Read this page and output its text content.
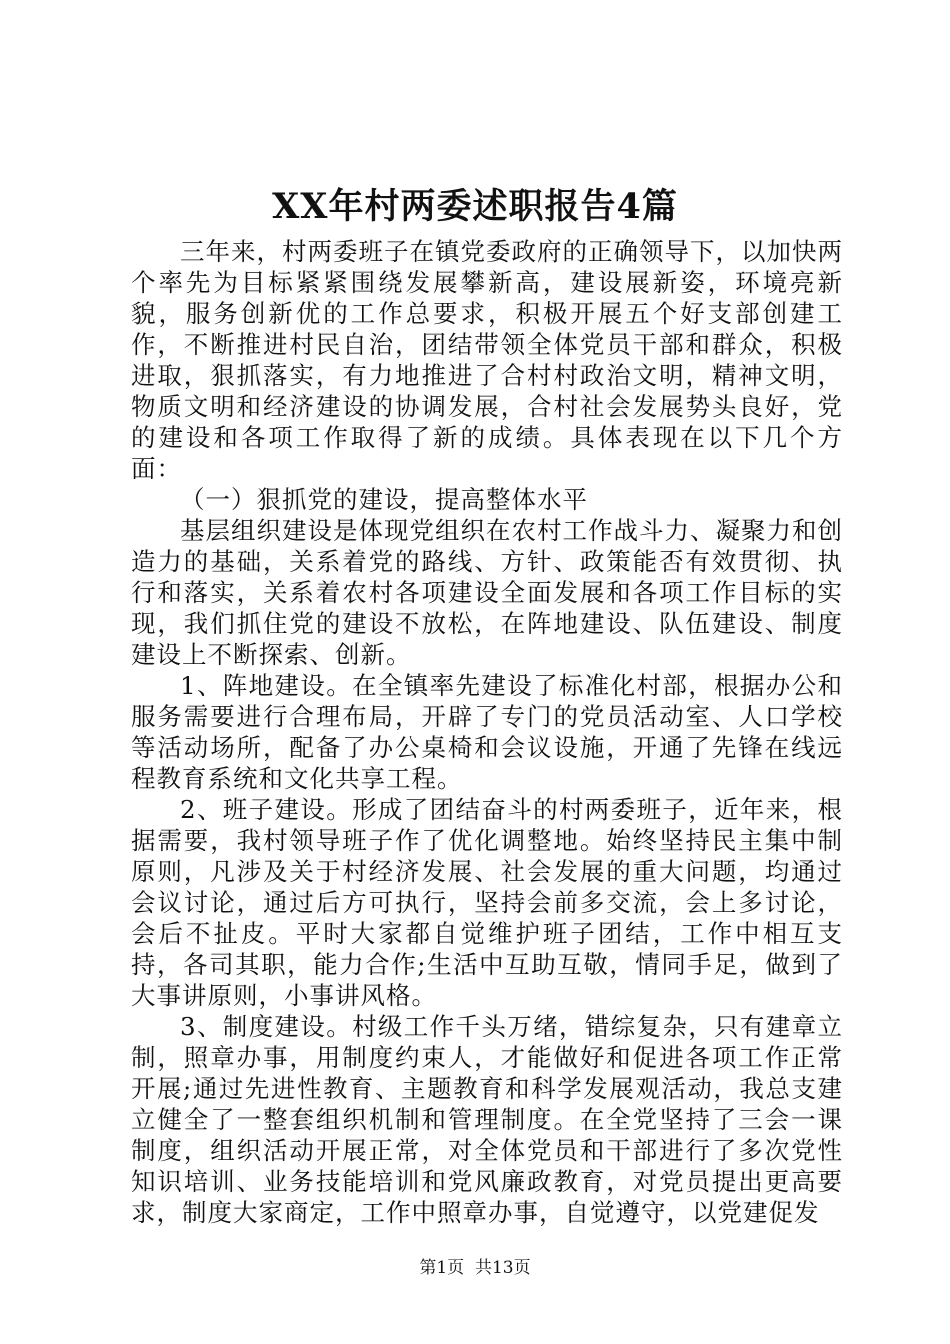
XX年村两委述职报告4篇

三年来，村两委班子在镇党委政府的正确领导下，以加快两个率先为目标紧紧围绕发展攀新高，建设展新姿，环境亮新貌，服务创新优的工作总要求，积极开展五个好支部创建工作，不断推进村民自治，团结带领全体党员干部和群众，积极进取，狠抓落实，有力地推进了合村村政治文明，精神文明，物质文明和经济建设的协调发展，合村社会发展势头良好，党的建设和各项工作取得了新的成绩。具体表现在以下几个方面：

（一）狠抓党的建设，提高整体水平

基层组织建设是体现党组织在农村工作战斗力、凝聚力和创造力的基础，关系着党的路线、方针、政策能否有效贯彻、执行和落实，关系着农村各项建设全面发展和各项工作目标的实现，我们抓住党的建设不放松，在阵地建设、队伍建设、制度建设上不断探索、创新。

1、阵地建设。在全镇率先建设了标准化村部，根据办公和服务需要进行合理布局，开辟了专门的党员活动室、人口学校等活动场所，配备了办公桌椅和会议设施，开通了先锋在线远程教育系统和文化共享工程。

2、班子建设。形成了团结奋斗的村两委班子，近年来，根据需要，我村领导班子作了优化调整地。始终坚持民主集中制原则，凡涉及关于村经济发展、社会发展的重大问题，均通过会议讨论，通过后方可执行，坚持会前多交流，会上多讨论，会后不扯皮。平时大家都自觉维护班子团结，工作中相互支持，各司其职，能力合作;生活中互助互敬，情同手足，做到了大事讲原则，小事讲风格。

3、制度建设。村级工作千头万绪，错综复杂，只有建章立制，照章办事，用制度约束人，才能做好和促进各项工作正常开展;通过先进性教育、主题教育和科学发展观活动，我总支建立健全了一整套组织机制和管理制度。在全党坚持了三会一课制度，组织活动开展正常，对全体党员和干部进行了多次党性知识培训、业务技能培训和党风廉政教育，对党员提出更高要求，制度大家商定，工作中照章办事，自觉遵守，以党建促发

第1页  共13页
